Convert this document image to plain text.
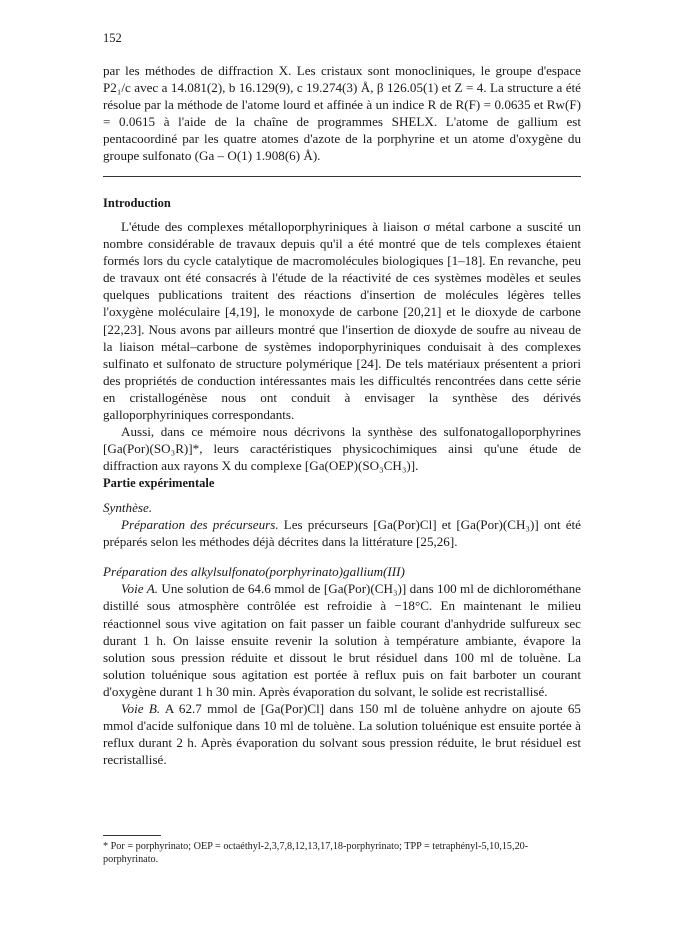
152
par les méthodes de diffraction X. Les cristaux sont monocliniques, le groupe d'espace P2₁/c avec a 14.081(2), b 16.129(9), c 19.274(3) Å, β 126.05(1) et Z = 4. La structure a été résolue par la méthode de l'atome lourd et affinée à un indice R de R(F) = 0.0635 et Rw(F) = 0.0615 à l'aide de la chaîne de programmes SHELX. L'atome de gallium est pentacoordiné par les quatre atomes d'azote de la porphyrine et un atome d'oxygène du groupe sulfonato (Ga – O(1) 1.908(6) Å).
Introduction

L'étude des complexes métalloporphyriniques à liaison σ métal carbone a suscité un nombre considérable de travaux depuis qu'il a été montré que de tels complexes étaient formés lors du cycle catalytique de macromolécules biologiques [1–18]. En revanche, peu de travaux ont été consacrés à l'étude de la réactivité de ces systèmes modèles et seules quelques publications traitent des réactions d'insertion de molécules légères telles l'oxygène moléculaire [4,19], le monoxyde de carbone [20,21] et le dioxyde de carbone [22,23]. Nous avons par ailleurs montré que l'insertion de dioxyde de soufre au niveau de la liaison métal–carbone de systèmes indoporphyriniques conduisait à des complexes sulfinato et sulfonato de structure polymérique [24]. De tels matériaux présentent a priori des propriétés de conduction intéressantes mais les difficultés rencontrées dans cette série en cristallogénèse nous ont conduit à envisager la synthèse des dérivés galloporphyriniques correspondants.

Aussi, dans ce mémoire nous décrivons la synthèse des sulfonatogalloporphyrines [Ga(Por)(SO₃R)]*, leurs caractéristiques physicochimiques ainsi qu'une étude de diffraction aux rayons X du complexe [Ga(OEP)(SO₃CH₃)].

Partie expérimentale

Synthèse.

Préparation des précurseurs. Les précurseurs [Ga(Por)Cl] et [Ga(Por)(CH₃)] ont été préparés selon les méthodes déjà décrites dans la littérature [25,26].

Préparation des alkylsulfonato(porphyrinato)gallium(III)

Voie A. Une solution de 64.6 mmol de [Ga(Por)(CH₃)] dans 100 ml de dichlorométhane distillé sous atmosphère contrôlée est refroidie à −18°C. En maintenant le milieu réactionnel sous vive agitation on fait passer un faible courant d'anhydride sulfureux sec durant 1 h. On laisse ensuite revenir la solution à température ambiante, évapore la solution sous pression réduite et dissout le brut résiduel dans 100 ml de toluène. La solution toluénique sous agitation est portée à reflux puis on fait barboter un courant d'oxygène durant 1 h 30 min. Après évaporation du solvant, le solide est recristallisé.

Voie B. A 62.7 mmol de [Ga(Por)Cl] dans 150 ml de toluène anhydre on ajoute 65 mmol d'acide sulfonique dans 10 ml de toluène. La solution toluénique est ensuite portée à reflux durant 2 h. Après évaporation du solvant sous pression réduite, le brut résiduel est recristallisé.

* Por = porphyrinato; OEP = octaéthyl-2,3,7,8,12,13,17,18-porphyrinato; TPP = tetraphényl-5,10,15,20-
porphyrinato.
